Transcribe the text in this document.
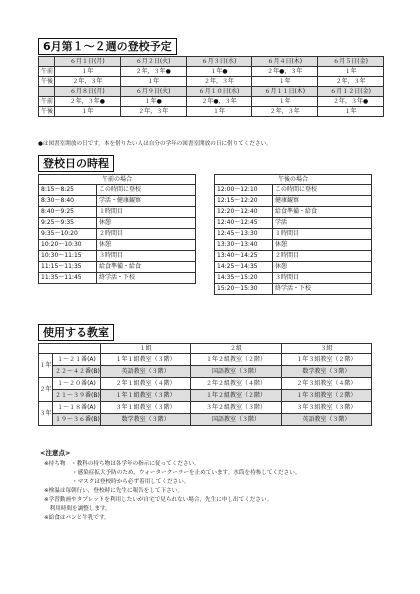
6月第１～２週の登校予定
	６月１日(月)	６月２日(火)	６月３日(水)	６月４日(木)	６月５日(金)
午前	１年	２年，３年●	１年●	２年●，３年	１年
午後	２年，３年	１年	２年，３年	１年	２年，３年
	６月８日(月)	６月９日(火)	６月１０日(水)	６月１１日(木)	６月１２日(金)
午前	２年，３年●	１年●	２年●，３年	１年	２年，３年●
午後	１年	２年，３年	１年	２年，３年	１年
●は図書室開放の日です。本を借りたい人は自分の学年の図書室開放の日に借りてください。
登校日の時程
午前の場合	
8:15～8:25	この時間に登校
8:30～8:40	学活・健康観察
8:40～9:25	１時間目
9:25～9:35	休憩
9:35～10:20	２時間目
10:20～10:30	休憩
10:30～11:15	３時間目
11:15～11:35	給食準備・給食
11:35～11:45	終学活・下校
午後の場合	
12:00～12:10	この時間に登校
12:15～12:20	健康観察
12:20～12:40	給食準備・給食
12:40～12:45	学活
12:45～13:30	１時間目
13:30～13:40	休憩
13:40～14:25	２時間目
14:25～14:35	休憩
14:35～15:20	３時間目
15:20～15:30	終学活・下校
使用する教室
		１組	２組	３組
１年	１～２１番(A)	１年１組教室（３階）	１年２組教室（２階）	１年３組教室（２階）
	２２～４２番(B)	英語教室（３階）	国語教室（３階）	数学教室（３階）
２年	１～２０番(A)	２年１組教室（４階）	２年２組教室（４階）	２年３組教室（４階）
	２１～３９番(B)	１年１組教室（３階）	１年２組教室（２階）	１年３組教室（２階）
３年	１～１８番(A)	３年１組教室（３階）	３年２組教室（３階）	３年３組教室（３階）
	１９～３６番(B)	数学教室（３階）	国語教室（３階）	英語教室（３階）
<注意点>
※持ち物　・教科の持ち物は各学年の指示に従ってください。
　　　　　・感染症拡大予防のため，ウォータークーラーを止めています。水筒を持参してください。
　　　　　・マスクは登校時から必ず着用してください。
※検温は毎朝行い，登校時に先生に報告をして下さい。
※学習動画やタブレットを利用したいが自宅で見られない場合，先生に申し出てください。
　利用時間を調整します。
※給食はパンと牛乳です。
